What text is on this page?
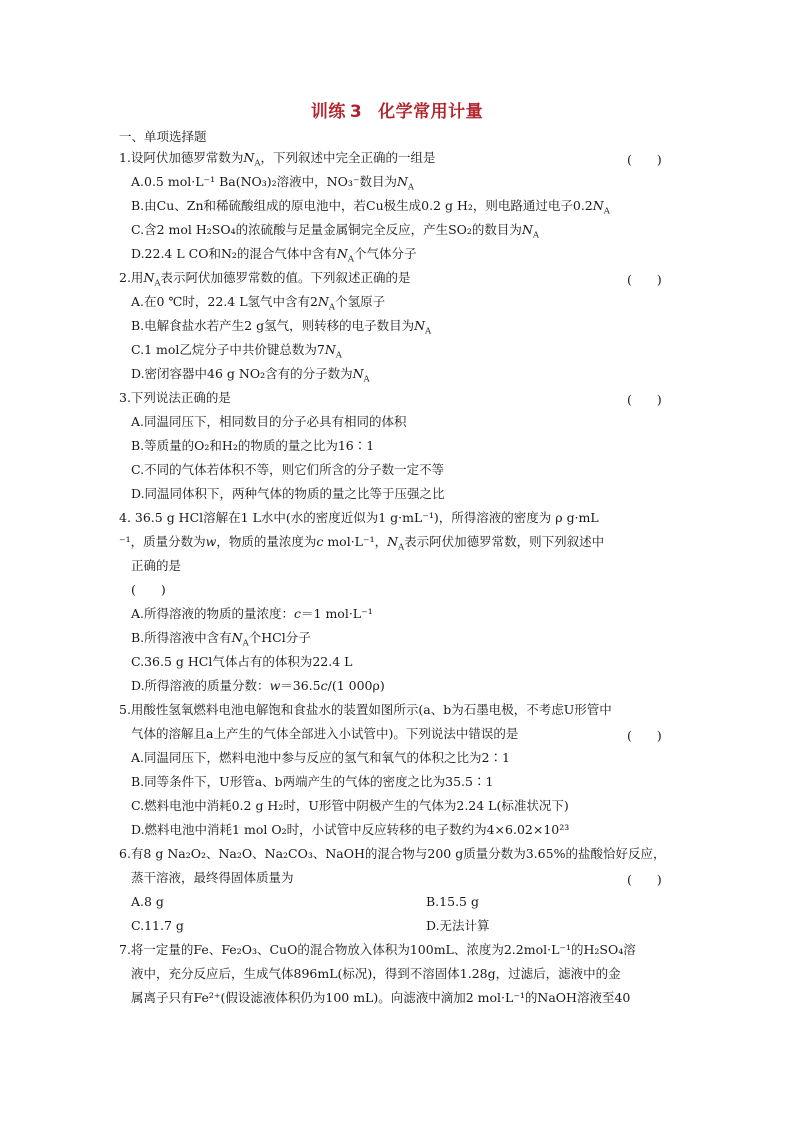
训练 3 化学常用计量
一、单项选择题
1.设阿伏加德罗常数为$N_A$，下列叙述中完全正确的一组是	(　　)
A.0.5 mol·L⁻¹ Ba(NO₃)₂溶液中，NO₃⁻数目为$N_A$
B.由Cu、Zn和稀硫酸组成的原电池中，若Cu极生成0.2 g H₂，则电路通过电子$0.2N_A$
C.含2 mol H₂SO₄的浓硫酸与足量金属铜完全反应，产生SO₂的数目为$N_A$
D.22.4 L CO和N₂的混合气体中含有$N_A$个气体分子
2.用$N_A$表示阿伏加德罗常数的值。下列叙述正确的是	(　　)
A.在0 ℃时，22.4 L氢气中含有$2N_A$个氢原子
B.电解食盐水若产生2 g氢气，则转移的电子数目为$N_A$
C.1 mol乙烷分子中共价键总数为$7N_A$
D.密闭容器中46 g NO₂含有的分子数为$N_A$
3.下列说法正确的是	(　　)
A.同温同压下，相同数目的分子必具有相同的体积
B.等质量的O₂和H₂的物质的量之比为16∶1
C.不同的气体若体积不等，则它们所含的分子数一定不等
D.同温同体积下，两种气体的物质的量之比等于压强之比
4. 36.5 g HCl溶解在1 L水中(水的密度近似为1 g·mL⁻¹)，所得溶液的密度为 ρ g·mL
⁻¹，质量分数为w，物质的量浓度为c mol·L⁻¹，$N_A$表示阿伏加德罗常数，则下列叙述中
正确的是
(　　)
A.所得溶液的物质的量浓度：c＝1 mol·L⁻¹
B.所得溶液中含有$N_A$个HCl分子
C.36.5 g HCl气体占有的体积为22.4 L
D.所得溶液的质量分数：w＝36.5c/(1 000ρ)
5.用酸性氢氧燃料电池电解饱和食盐水的装置如图所示(a、b为石墨电极，不考虑U形管中
气体的溶解且a上产生的气体全部进入小试管中)。下列说法中错误的是	(　　)
A.同温同压下，燃料电池中参与反应的氢气和氧气的体积之比为2∶1
B.同等条件下，U形管a、b两端产生的气体的密度之比为35.5∶1
C.燃料电池中消耗0.2 g H₂时，U形管中阴极产生的气体为2.24 L(标准状况下)
D.燃料电池中消耗1 mol O₂时，小试管中反应转移的电子数约为4×6.02×10²³
6.有8 g Na₂O₂、Na₂O、Na₂CO₃、NaOH的混合物与200 g质量分数为3.65%的盐酸恰好反应，
蒸干溶液，最终得固体质量为	(　　)
A.8 g	B.15.5 g
C.11.7 g	D.无法计算
7.将一定量的Fe、Fe₂O₃、CuO的混合物放入体积为100mL、浓度为2.2mol·L⁻¹的H₂SO₄溶
液中，充分反应后，生成气体896mL(标况)，得到不溶固体1.28g，过滤后，滤液中的金
属离子只有Fe²⁺(假设滤液体积仍为100 mL)。向滤液中滴加2 mol·L⁻¹的NaOH溶液至40
